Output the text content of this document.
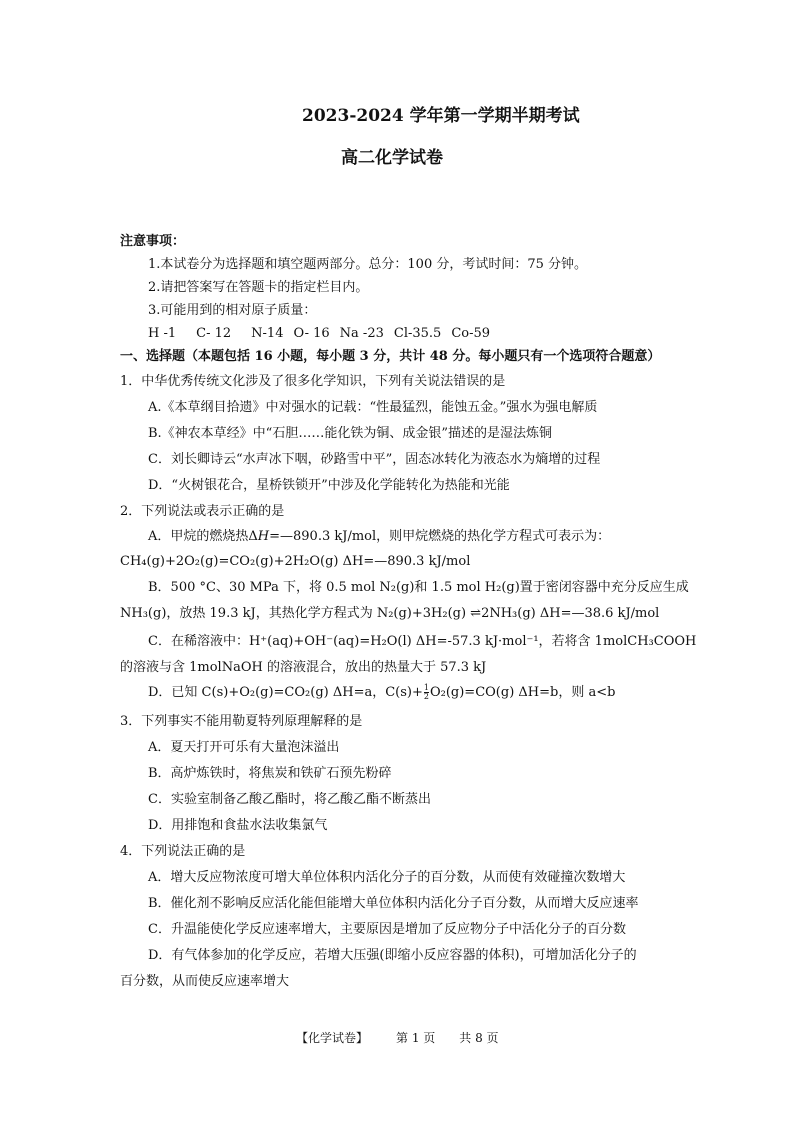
2023-2024 学年第一学期半期考试
高二化学试卷
注意事项：
1.本试卷分为选择题和填空题两部分。总分：100 分，考试时间：75 分钟。
2.请把答案写在答题卡的指定栏目内。
3.可能用到的相对原子质量：
H -1 C- 12 N-14 O- 16 Na -23 Cl-35.5 Co-59
一、选择题（本题包括 16 小题，每小题 3 分，共计 48 分。每小题只有一个选项符合题意）
1．中华优秀传统文化涉及了很多化学知识，下列有关说法错误的是
A.《本草纲目拾遗》中对强水的记载：“性最猛烈，能蚀五金。”强水为强电解质
B.《神农本草经》中“石胆……能化铁为铜、成金银”描述的是湿法炼铜
C．刘长卿诗云“水声冰下咽，砂路雪中平”，固态冰转化为液态水为熵增的过程
D．“火树银花合，星桥铁锁开”中涉及化学能转化为热能和光能
2．下列说法或表示正确的是
A．甲烷的燃烧热ΔH=—890.3 kJ/mol，则甲烷燃烧的热化学方程式可表示为：
CH₄(g)+2O₂(g)=CO₂(g)+2H₂O(g) ΔH=—890.3 kJ/mol
B．500 °C、30 MPa 下，将 0.5 mol N₂(g)和 1.5 mol H₂(g)置于密闭容器中充分反应生成
NH₃(g)，放热 19.3 kJ，其热化学方程式为 N₂(g)+3H₂(g) ⇌2NH₃(g) ΔH=—38.6 kJ/mol
C．在稀溶液中：H⁺(aq)+OH⁻(aq)=H₂O(l) ΔH=-57.3 kJ·mol⁻¹，若将含 1molCH₃COOH
的溶液与含 1molNaOH 的溶液混合，放出的热量大于 57.3 kJ
D．已知 C(s)+O₂(g)=CO₂(g) ΔH=a，$C(s)+ \frac{1}{2} O_2(g)=CO(g)$ ΔH=b，则 a<b
3．下列事实不能用勒夏特列原理解释的是
A．夏天打开可乐有大量泡沫溢出
B．高炉炼铁时，将焦炭和铁矿石预先粉碎
C．实验室制备乙酸乙酯时，将乙酸乙酯不断蒸出
D．用排饱和食盐水法收集氯气
4．下列说法正确的是
A．增大反应物浓度可增大单位体积内活化分子的百分数，从而使有效碰撞次数增大
B．催化剂不影响反应活化能但能增大单位体积内活化分子百分数，从而增大反应速率
C．升温能使化学反应速率增大，主要原因是增加了反应物分子中活化分子的百分数
D．有气体参加的化学反应，若增大压强(即缩小反应容器的体积)，可增加活化分子的
百分数，从而使反应速率增大
【化学试卷】 第 1 页 共 8 页
